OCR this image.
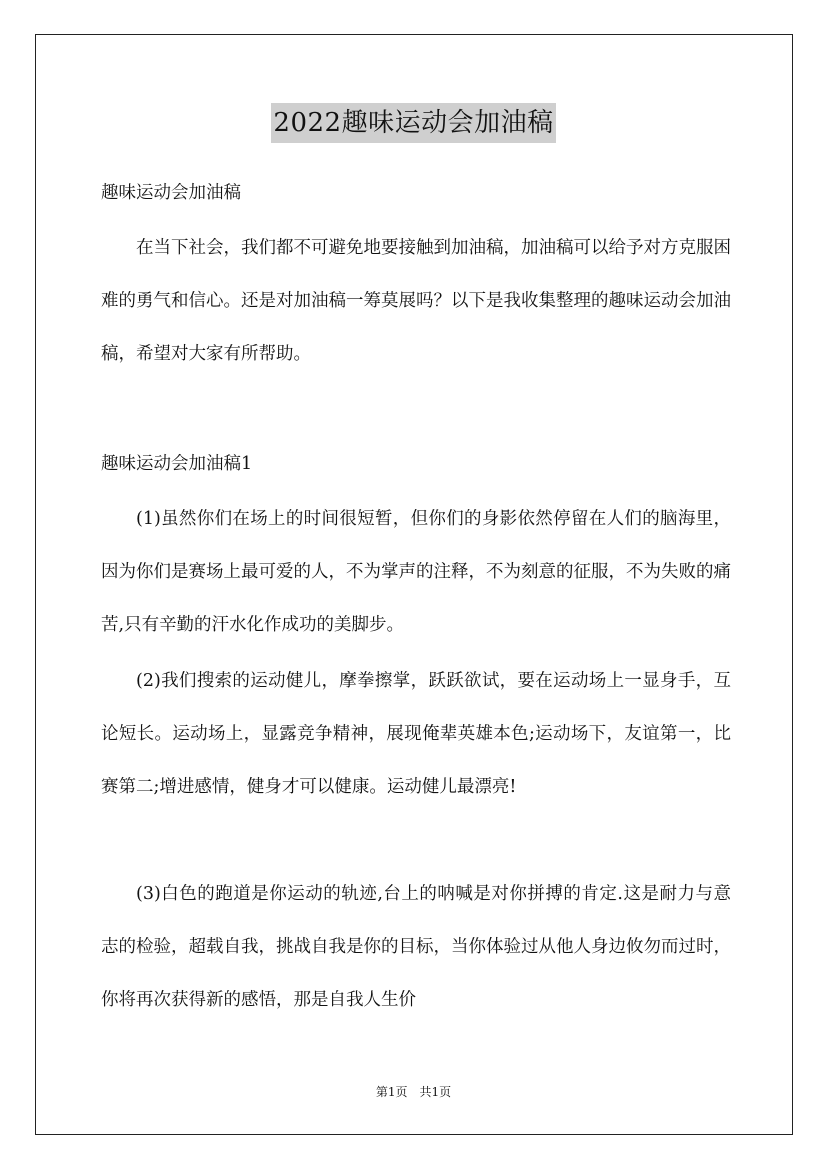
2022趣味运动会加油稿

趣味运动会加油稿

在当下社会，我们都不可避免地要接触到加油稿，加油稿可以给予对方克服困难的勇气和信心。还是对加油稿一筹莫展吗？以下是我收集整理的趣味运动会加油稿，希望对大家有所帮助。

趣味运动会加油稿1

(1)虽然你们在场上的时间很短暂，但你们的身影依然停留在人们的脑海里，因为你们是赛场上最可爱的人，不为掌声的注释，不为刻意的征服，不为失败的痛苦,只有辛勤的汗水化作成功的美脚步。

(2)我们搜索的运动健儿，摩拳擦掌，跃跃欲试，要在运动场上一显身手，互论短长。运动场上，显露竞争精神，展现俺辈英雄本色;运动场下，友谊第一，比赛第二;增进感情，健身才可以健康。运动健儿最漂亮!

(3)白色的跑道是你运动的轨迹,台上的呐喊是对你拼搏的肯定.这是耐力与意志的检验，超载自我，挑战自我是你的目标，当你体验过从他人身边攸勿而过时，你将再次获得新的感悟，那是自我人生价

第1页　共1页
